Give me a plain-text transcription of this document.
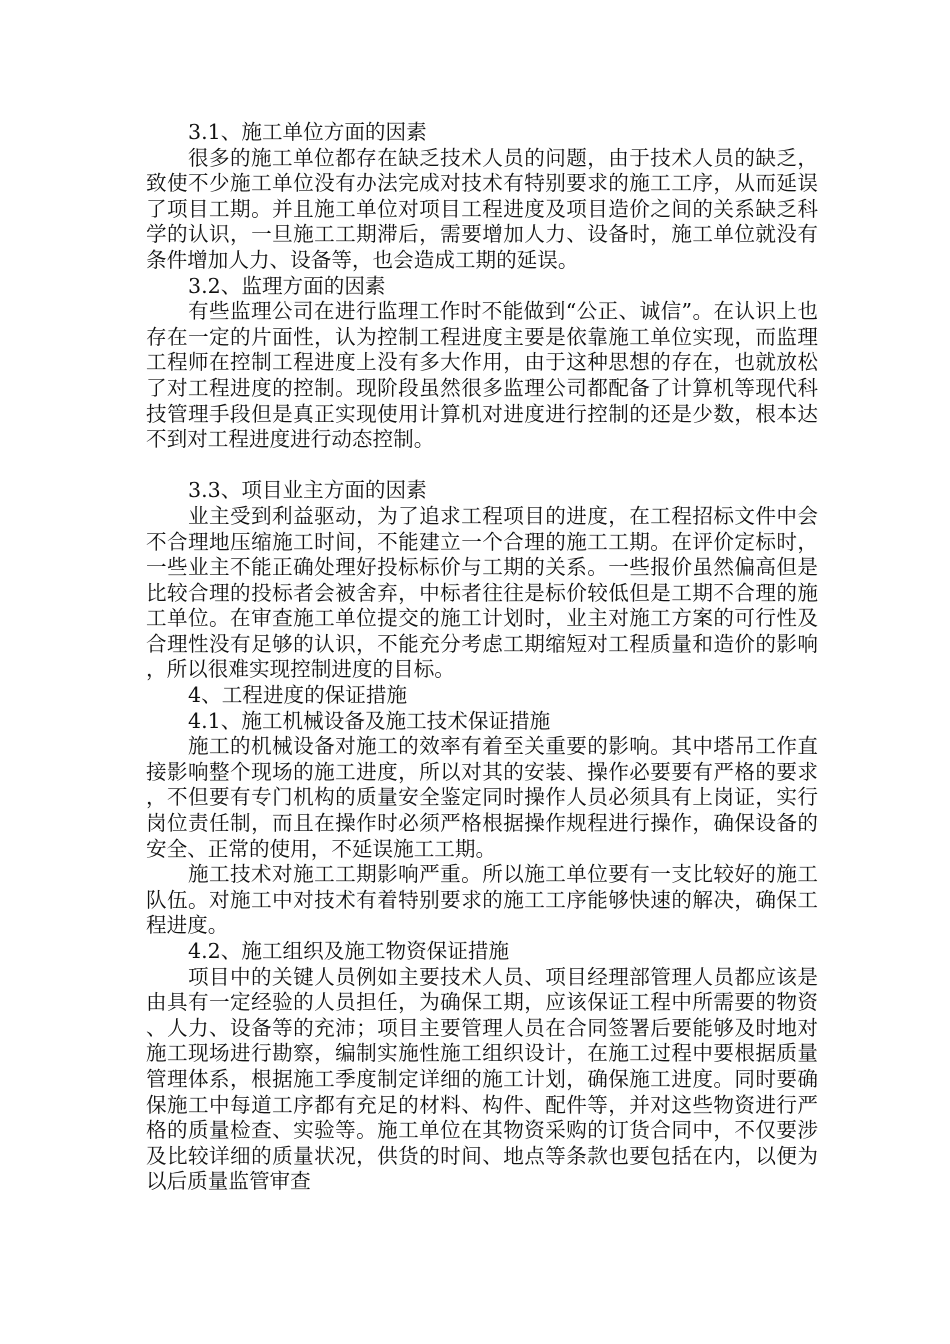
3.1、施工单位方面的因素

很多的施工单位都存在缺乏技术人员的问题，由于技术人员的缺乏，致使不少施工单位没有办法完成对技术有特别要求的施工工序，从而延误了项目工期。并且施工单位对项目工程进度及项目造价之间的关系缺乏科学的认识，一旦施工工期滞后，需要增加人力、设备时，施工单位就没有条件增加人力、设备等，也会造成工期的延误。

3.2、监理方面的因素

有些监理公司在进行监理工作时不能做到“公正、诚信”。在认识上也存在一定的片面性，认为控制工程进度主要是依靠施工单位实现，而监理工程师在控制工程进度上没有多大作用，由于这种思想的存在，也就放松了对工程进度的控制。现阶段虽然很多监理公司都配备了计算机等现代科技管理手段但是真正实现使用计算机对进度进行控制的还是少数，根本达不到对工程进度进行动态控制。

3.3、项目业主方面的因素

业主受到利益驱动，为了追求工程项目的进度，在工程招标文件中会不合理地压缩施工时间，不能建立一个合理的施工工期。在评价定标时，一些业主不能正确处理好投标标价与工期的关系。一些报价虽然偏高但是比较合理的投标者会被舍弃，中标者往往是标价较低但是工期不合理的施工单位。在审查施工单位提交的施工计划时，业主对施工方案的可行性及合理性没有足够的认识，不能充分考虑工期缩短对工程质量和造价的影响，所以很难实现控制进度的目标。

4、工程进度的保证措施

4.1、施工机械设备及施工技术保证措施

施工的机械设备对施工的效率有着至关重要的影响。其中塔吊工作直接影响整个现场的施工进度，所以对其的安装、操作必要要有严格的要求，不但要有专门机构的质量安全鉴定同时操作人员必须具有上岗证，实行岗位责任制，而且在操作时必须严格根据操作规程进行操作，确保设备的安全、正常的使用，不延误施工工期。

施工技术对施工工期影响严重。所以施工单位要有一支比较好的施工队伍。对施工中对技术有着特别要求的施工工序能够快速的解决，确保工程进度。

4.2、施工组织及施工物资保证措施

项目中的关键人员例如主要技术人员、项目经理部管理人员都应该是由具有一定经验的人员担任，为确保工期，应该保证工程中所需要的物资、人力、设备等的充沛；项目主要管理人员在合同签署后要能够及时地对施工现场进行勘察，编制实施性施工组织设计，在施工过程中要根据质量管理体系，根据施工季度制定详细的施工计划，确保施工进度。同时要确保施工中每道工序都有充足的材料、构件、配件等，并对这些物资进行严格的质量检查、实验等。施工单位在其物资采购的订货合同中，不仅要涉及比较详细的质量状况，供货的时间、地点等条款也要包括在内，以便为以后质量监管审查
